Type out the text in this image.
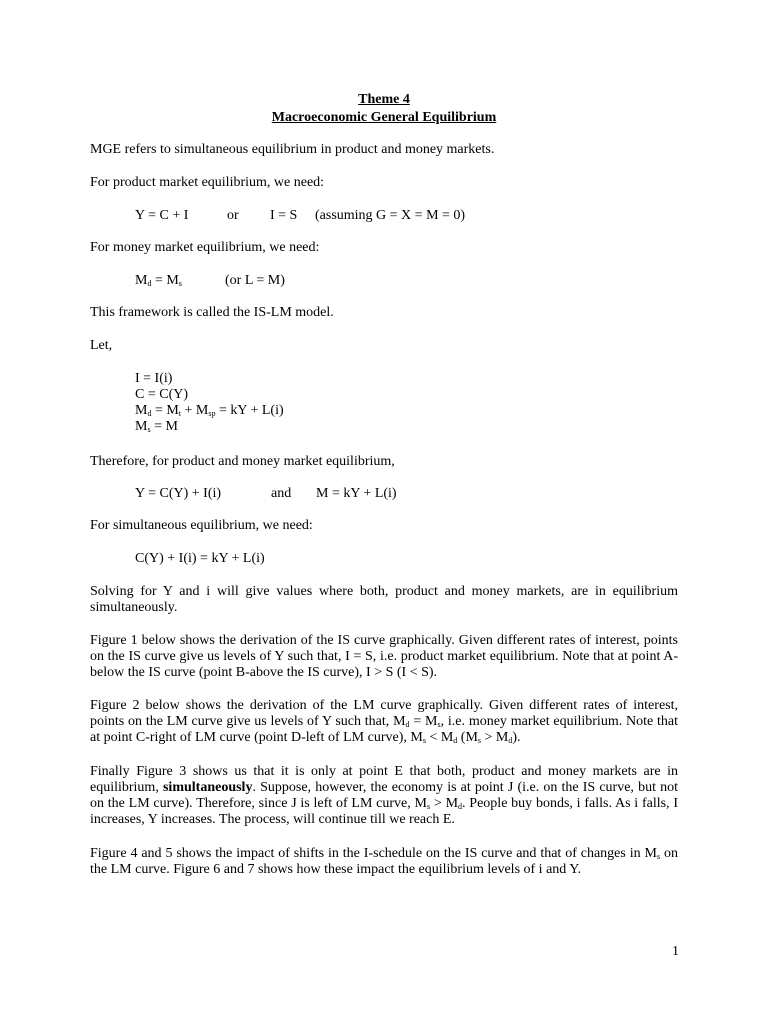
Theme 4
Macroeconomic General Equilibrium
MGE refers to simultaneous equilibrium in product and money markets.
For product market equilibrium, we need:
Y = C + I	or I = S (assuming G = X = M = 0)
For money market equilibrium, we need:
$M_d = M_s$	(or L = M)
This framework is called the IS-LM model.
Let,
I = I(i)
C = C(Y)
$M_d = M_t + M_{sp}$ = kY + L(i)
$M_s = M$
Therefore, for product and money market equilibrium,
Y = C(Y) + I(i)	and M = kY + L(i)
For simultaneous equilibrium, we need:
C(Y) + I(i) = kY + L(i)
Solving for Y and i will give values where both, product and money markets, are in equilibrium simultaneously.
Figure 1 below shows the derivation of the IS curve graphically. Given different rates of interest, points on the IS curve give us levels of Y such that, I = S, i.e. product market equilibrium. Note that at point A-below the IS curve (point B-above the IS curve), I > S (I < S).
Figure 2 below shows the derivation of the LM curve graphically. Given different rates of interest, points on the LM curve give us levels of Y such that, $M_d = M_s$, i.e. money market equilibrium. Note that at point C-right of LM curve (point D-left of LM curve), $M_s < M_d$ $(M_s > M_d)$.
Finally Figure 3 shows us that it is only at point E that both, product and money markets are in equilibrium, simultaneously. Suppose, however, the economy is at point J (i.e. on the IS curve, but not on the LM curve). Therefore, since J is left of LM curve, $M_s > M_d$. People buy bonds, i falls. As i falls, I increases, Y increases. The process, will continue till we reach E.
Figure 4 and 5 shows the impact of shifts in the I-schedule on the IS curve and that of changes in $M_s$ on the LM curve. Figure 6 and 7 shows how these impact the equilibrium levels of i and Y.
1
